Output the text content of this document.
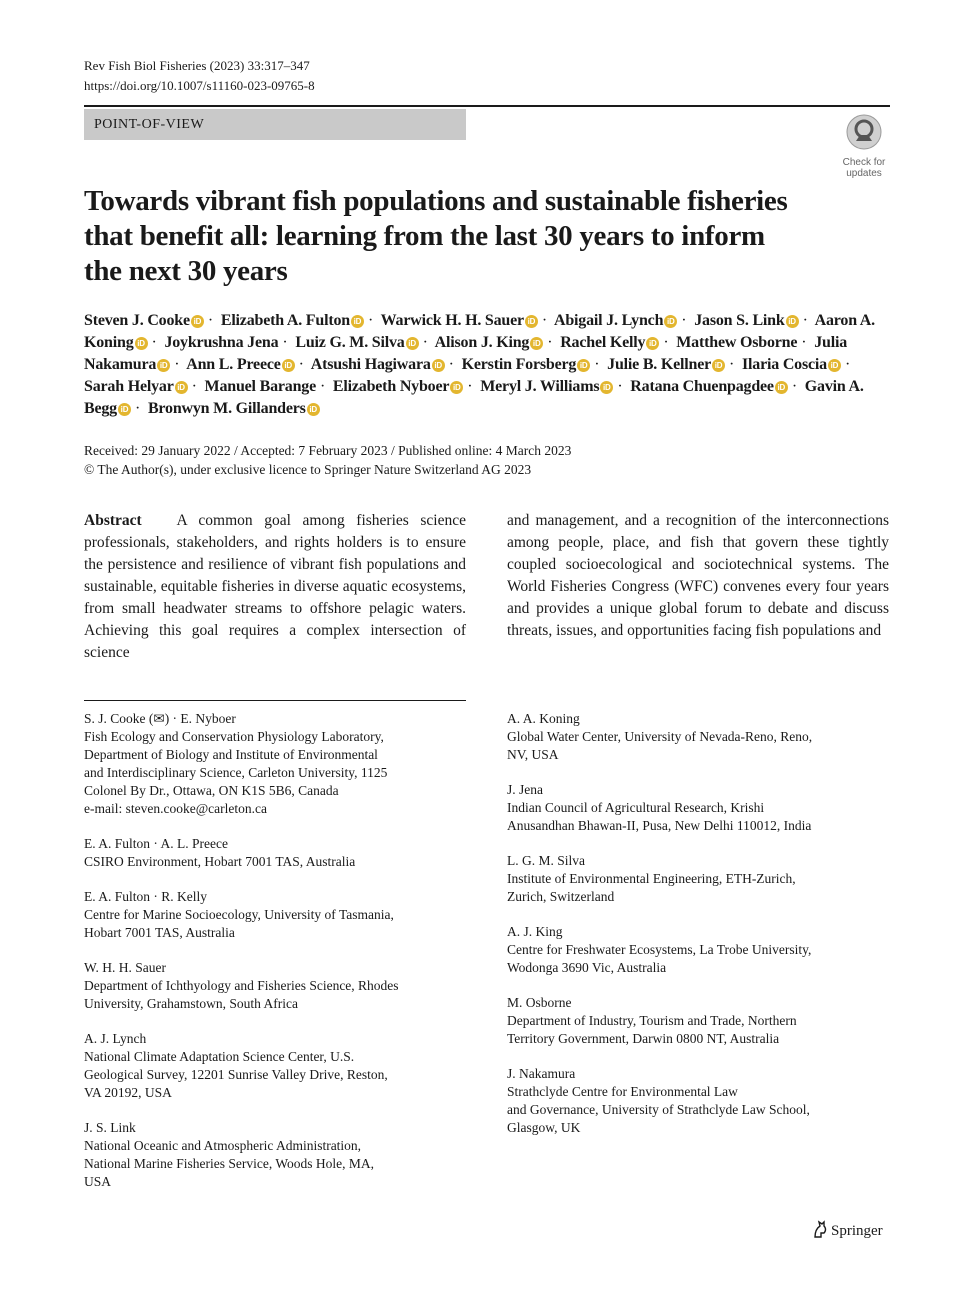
Rev Fish Biol Fisheries (2023) 33:317–347
https://doi.org/10.1007/s11160-023-09765-8
POINT-OF-VIEW
Check for
updates
Towards vibrant fish populations and sustainable fisheries
that benefit all: learning from the last 30 years to inform
the next 30 years
Steven J. Cooke iD · Elizabeth A. Fulton iD · Warwick H. H. Sauer iD · Abigail J. Lynch iD · Jason S. Link iD · Aaron A. Koning iD · Joykrushna Jena · Luiz G. M. Silva iD · Alison J. King iD · Rachel Kelly iD · Matthew Osborne · Julia Nakamura iD · Ann L. Preece iD · Atsushi Hagiwara iD · Kerstin Forsberg iD · Julie B. Kellner iD · Ilaria Coscia iD · Sarah Helyar iD · Manuel Barange · Elizabeth Nyboer iD · Meryl J. Williams iD · Ratana Chuenpagdee iD · Gavin A. Begg iD · Bronwyn M. Gillanders iD
Received: 29 January 2022 / Accepted: 7 February 2023 / Published online: 4 March 2023
© The Author(s), under exclusive licence to Springer Nature Switzerland AG 2023
Abstract A common goal among fisheries science professionals, stakeholders, and rights holders is to ensure the persistence and resilience of vibrant fish populations and sustainable, equitable fisheries in diverse aquatic ecosystems, from small headwater streams to offshore pelagic waters. Achieving this goal requires a complex intersection of science
and management, and a recognition of the interconnections among people, place, and fish that govern these tightly coupled socioecological and sociotechnical systems. The World Fisheries Congress (WFC) convenes every four years and provides a unique global forum to debate and discuss threats, issues, and opportunities facing fish populations and
S. J. Cooke (✉) · E. Nyboer
Fish Ecology and Conservation Physiology Laboratory,
Department of Biology and Institute of Environmental
and Interdisciplinary Science, Carleton University, 1125
Colonel By Dr., Ottawa, ON K1S 5B6, Canada
e-mail: steven.cooke@carleton.ca
E. A. Fulton · A. L. Preece
CSIRO Environment, Hobart 7001 TAS, Australia
E. A. Fulton · R. Kelly
Centre for Marine Socioecology, University of Tasmania,
Hobart 7001 TAS, Australia
W. H. H. Sauer
Department of Ichthyology and Fisheries Science, Rhodes
University, Grahamstown, South Africa
A. J. Lynch
National Climate Adaptation Science Center, U.S.
Geological Survey, 12201 Sunrise Valley Drive, Reston,
VA 20192, USA
J. S. Link
National Oceanic and Atmospheric Administration,
National Marine Fisheries Service, Woods Hole, MA,
USA
A. A. Koning
Global Water Center, University of Nevada-Reno, Reno,
NV, USA
J. Jena
Indian Council of Agricultural Research, Krishi
Anusandhan Bhawan-II, Pusa, New Delhi 110012, India
L. G. M. Silva
Institute of Environmental Engineering, ETH-Zurich,
Zurich, Switzerland
A. J. King
Centre for Freshwater Ecosystems, La Trobe University,
Wodonga 3690 Vic, Australia
M. Osborne
Department of Industry, Tourism and Trade, Northern
Territory Government, Darwin 0800 NT, Australia
J. Nakamura
Strathclyde Centre for Environmental Law
and Governance, University of Strathclyde Law School,
Glasgow, UK
Springer
